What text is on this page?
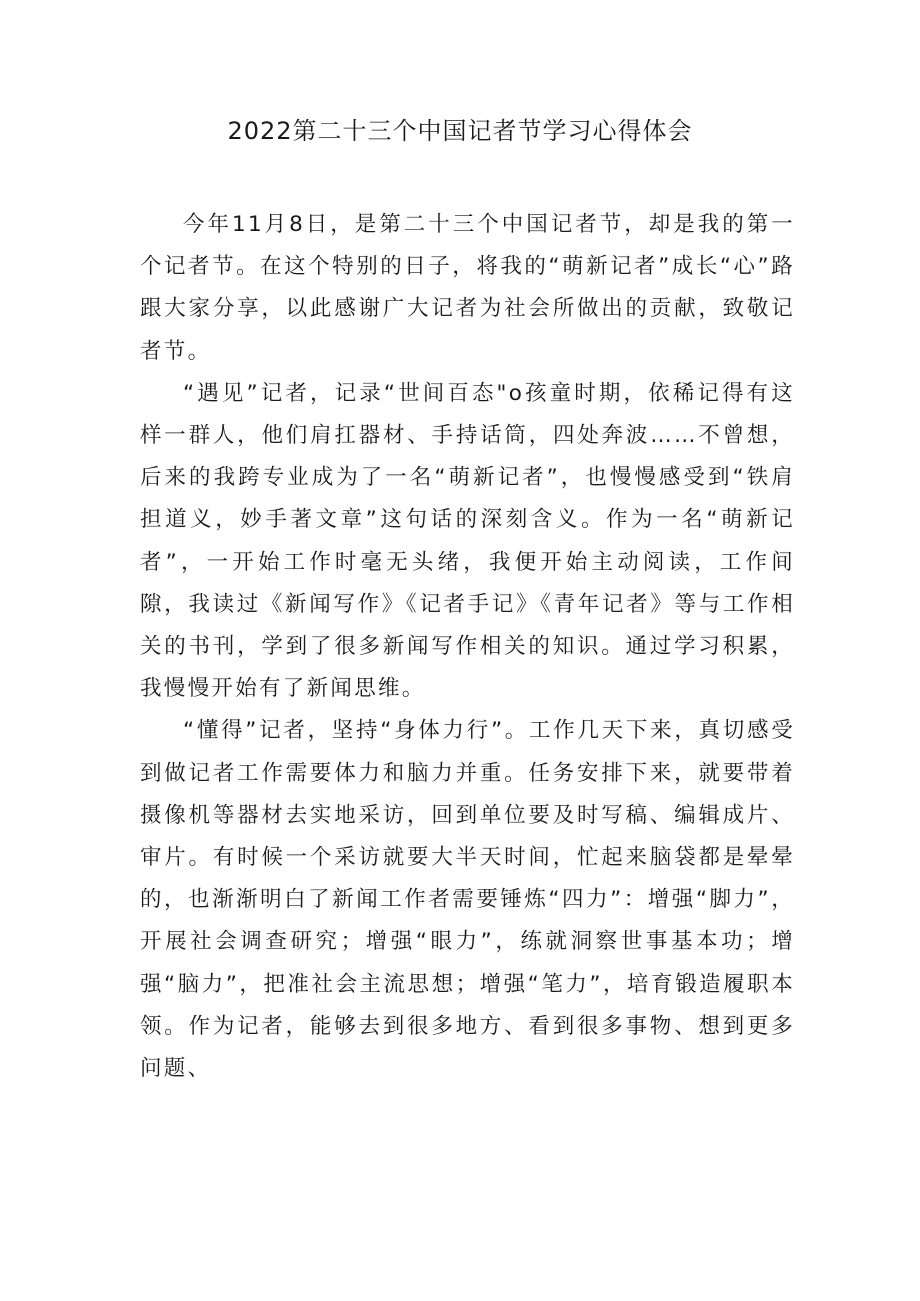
2022第二十三个中国记者节学习心得体会

今年11月8日，是第二十三个中国记者节，却是我的第一个记者节。在这个特别的日子，将我的“萌新记者”成长“心”路跟大家分享，以此感谢广大记者为社会所做出的贡献，致敬记者节。

“遇见”记者，记录“世间百态"o孩童时期，依稀记得有这样一群人，他们肩扛器材、手持话筒，四处奔波……不曾想，后来的我跨专业成为了一名“萌新记者”，也慢慢感受到“铁肩担道义，妙手著文章”这句话的深刻含义。作为一名“萌新记者”，一开始工作时毫无头绪，我便开始主动阅读，工作间隙，我读过《新闻写作》《记者手记》《青年记者》等与工作相关的书刊，学到了很多新闻写作相关的知识。通过学习积累，我慢慢开始有了新闻思维。

“懂得”记者，坚持“身体力行”。工作几天下来，真切感受到做记者工作需要体力和脑力并重。任务安排下来，就要带着摄像机等器材去实地采访，回到单位要及时写稿、编辑成片、审片。有时候一个采访就要大半天时间，忙起来脑袋都是晕晕的，也渐渐明白了新闻工作者需要锤炼“四力”：增强“脚力”，开展社会调查研究；增强“眼力”，练就洞察世事基本功；增强“脑力”，把准社会主流思想；增强“笔力”，培育锻造履职本领。作为记者，能够去到很多地方、看到很多事物、想到更多问题、
